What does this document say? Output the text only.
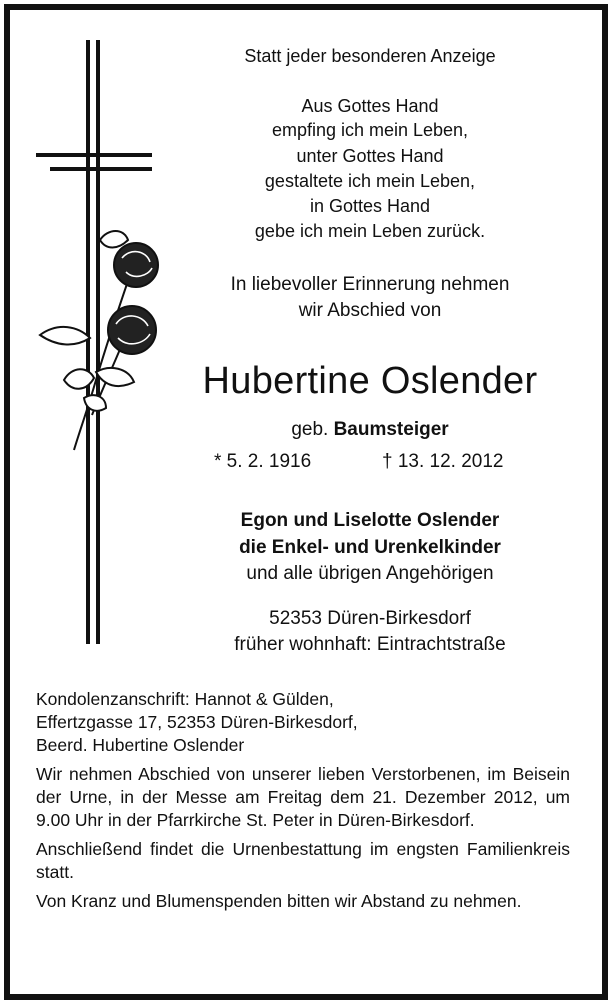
Statt jeder besonderen Anzeige
Aus Gottes Hand
empfing ich mein Leben,
unter Gottes Hand
gestaltete ich mein Leben,
in Gottes Hand
gebe ich mein Leben zurück.
In liebevoller Erinnerung nehmen
wir Abschied von
Hubertine Oslender
geb. Baumsteiger
* 5. 2. 1916	† 13. 12. 2012
Egon und Liselotte Oslender
die Enkel- und Urenkelkinder
und alle übrigen Angehörigen
52353 Düren-Birkesdorf
früher wohnhaft: Eintrachtstraße

Kondolenzanschrift: Hannot & Gülden,

Effertzgasse 17, 52353 Düren-Birkesdorf,

Beerd. Hubertine Oslender

Wir nehmen Abschied von unserer lieben Verstorbenen, im Beisein der Urne, in der Messe am Freitag dem 21. Dezember 2012, um 9.00 Uhr in der Pfarrkirche St. Peter in Düren-Birkesdorf.

Anschließend findet die Urnenbestattung im engsten Familienkreis statt.

Von Kranz und Blumenspenden bitten wir Abstand zu nehmen.
